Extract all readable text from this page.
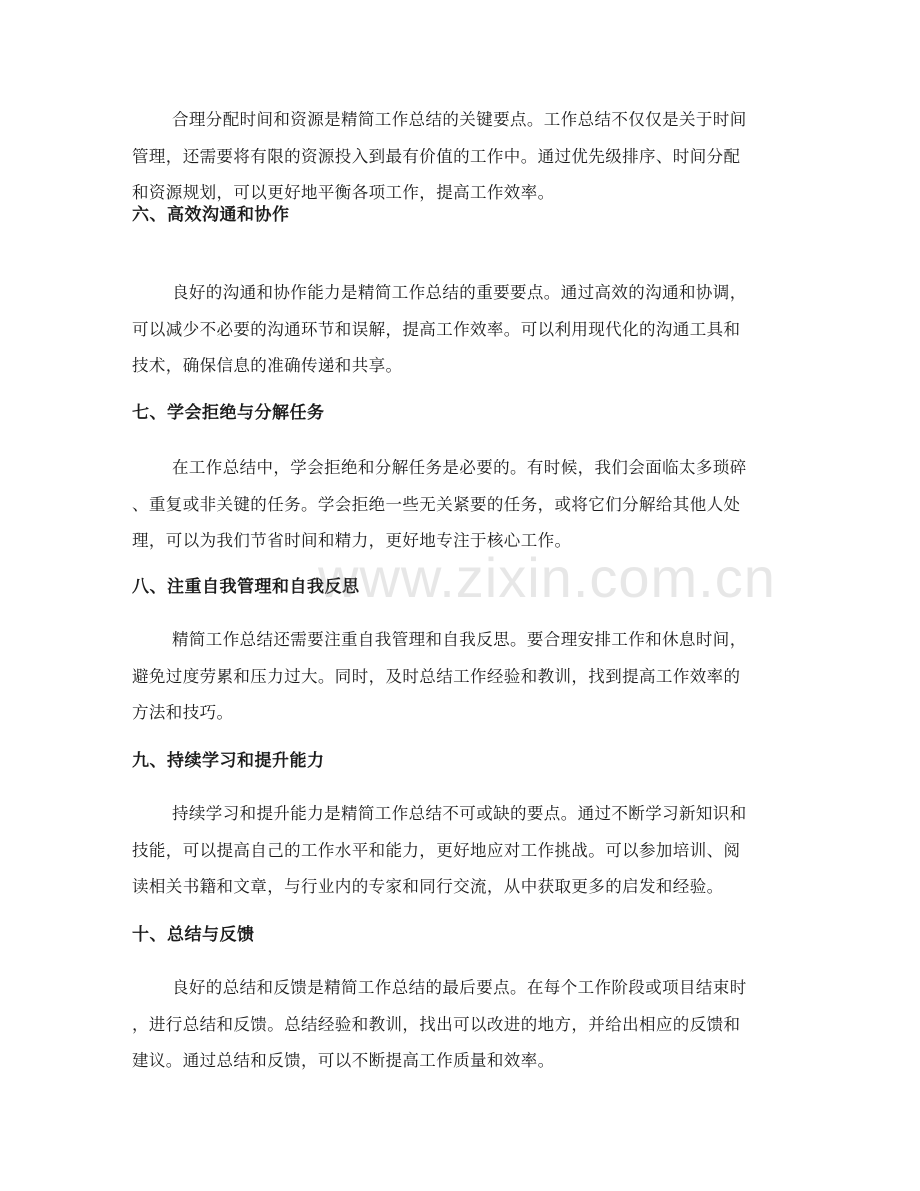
合理分配时间和资源是精简工作总结的关键要点。工作总结不仅仅是关于时间
管理，还需要将有限的资源投入到最有价值的工作中。通过优先级排序、时间分配
和资源规划，可以更好地平衡各项工作，提高工作效率。

六、高效沟通和协作

良好的沟通和协作能力是精简工作总结的重要要点。通过高效的沟通和协调，
可以减少不必要的沟通环节和误解，提高工作效率。可以利用现代化的沟通工具和
技术，确保信息的准确传递和共享。

七、学会拒绝与分解任务

在工作总结中，学会拒绝和分解任务是必要的。有时候，我们会面临太多琐碎
、重复或非关键的任务。学会拒绝一些无关紧要的任务，或将它们分解给其他人处
理，可以为我们节省时间和精力，更好地专注于核心工作。

八、注重自我管理和自我反思

精简工作总结还需要注重自我管理和自我反思。要合理安排工作和休息时间，
避免过度劳累和压力过大。同时，及时总结工作经验和教训，找到提高工作效率的
方法和技巧。

九、持续学习和提升能力

持续学习和提升能力是精简工作总结不可或缺的要点。通过不断学习新知识和
技能，可以提高自己的工作水平和能力，更好地应对工作挑战。可以参加培训、阅
读相关书籍和文章，与行业内的专家和同行交流，从中获取更多的启发和经验。

十、总结与反馈

良好的总结和反馈是精简工作总结的最后要点。在每个工作阶段或项目结束时
，进行总结和反馈。总结经验和教训，找出可以改进的地方，并给出相应的反馈和
建议。通过总结和反馈，可以不断提高工作质量和效率。

www.zixin.com.cn
